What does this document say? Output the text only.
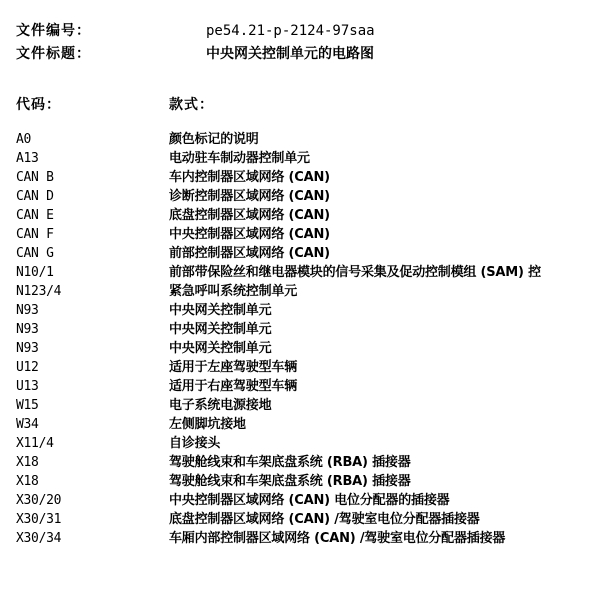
文件编号：	pe54.21-p-2124-97saa
文件标题：	中央网关控制单元的电路图
代码：	款式：
A0	颜色标记的说明
A13	电动驻车制动器控制单元
CAN B	车内控制器区域网络 (CAN)
CAN D	诊断控制器区域网络 (CAN)
CAN E	底盘控制器区域网络 (CAN)
CAN F	中央控制器区域网络 (CAN)
CAN G	前部控制器区域网络 (CAN)
N10/1	前部带保险丝和继电器模块的信号采集及促动控制模组 (SAM) 控
N123/4	紧急呼叫系统控制单元
N93	中央网关控制单元
N93	中央网关控制单元
N93	中央网关控制单元
U12	适用于左座驾驶型车辆
U13	适用于右座驾驶型车辆
W15	电子系统电源接地
W34	左侧脚坑接地
X11/4	自诊接头
X18	驾驶舱线束和车架底盘系统 (RBA) 插接器
X18	驾驶舱线束和车架底盘系统 (RBA) 插接器
X30/20	中央控制器区域网络 (CAN) 电位分配器的插接器
X30/31	底盘控制器区域网络 (CAN) /驾驶室电位分配器插接器
X30/34	车厢内部控制器区域网络 (CAN) /驾驶室电位分配器插接器
